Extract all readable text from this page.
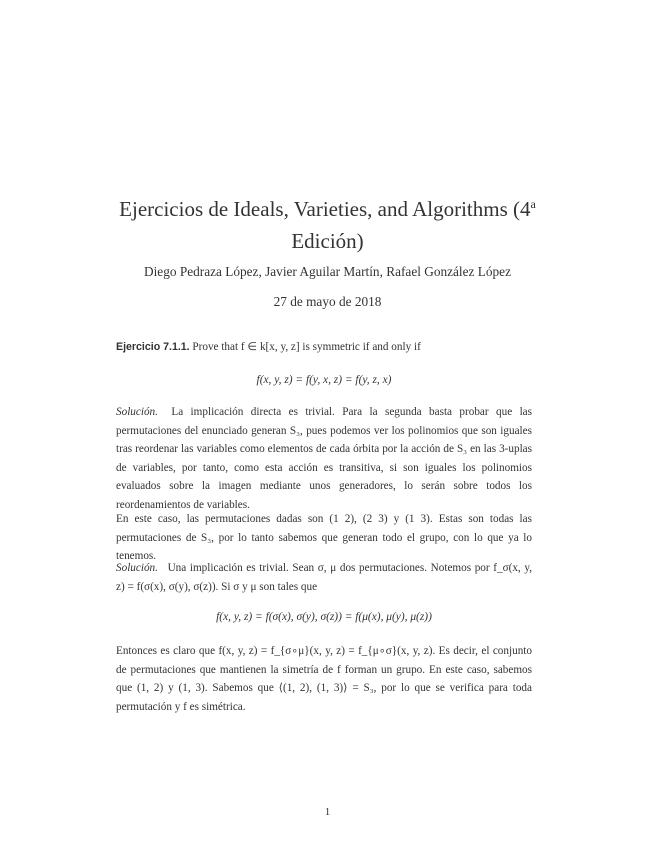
Ejercicios de Ideals, Varieties, and Algorithms (4$^a$
Edición)
Diego Pedraza López, Javier Aguilar Martín, Rafael González López
27 de mayo de 2018
Ejercicio 7.1.1. Prove that f ∈ k[x, y, z] is symmetric if and only if
f(x, y, z) = f(y, x, z) = f(y, z, x)
Solución. La implicación directa es trivial. Para la segunda basta probar que las permutaciones del enunciado generan S₃, pues podemos ver los polinomios que son iguales tras reordenar las variables como elementos de cada órbita por la acción de S₃ en las 3-uplas de variables, por tanto, como esta acción es transitiva, si son iguales los polinomios evaluados sobre la imagen mediante unos generadores, lo serán sobre todos los reordenamientos de variables.
En este caso, las permutaciones dadas son (1 2), (2 3) y (1 3). Estas son todas las permutaciones de S₃, por lo tanto sabemos que generan todo el grupo, con lo que ya lo tenemos.
Solución. Una implicación es trivial. Sean σ, μ dos permutaciones. Notemos por f_σ(x, y, z) = f(σ(x), σ(y), σ(z)). Si σ y μ son tales que
f(x, y, z) = f(σ(x), σ(y), σ(z)) = f(μ(x), μ(y), μ(z))
Entonces es claro que f(x, y, z) = f_{σ∘μ}(x, y, z) = f_{μ∘σ}(x, y, z). Es decir, el conjunto de permutaciones que mantienen la simetría de f forman un grupo. En este caso, sabemos que (1, 2) y (1, 3). Sabemos que ⟨(1, 2), (1, 3)⟩ = S₃, por lo que se verifica para toda permutación y f es simétrica.
1
